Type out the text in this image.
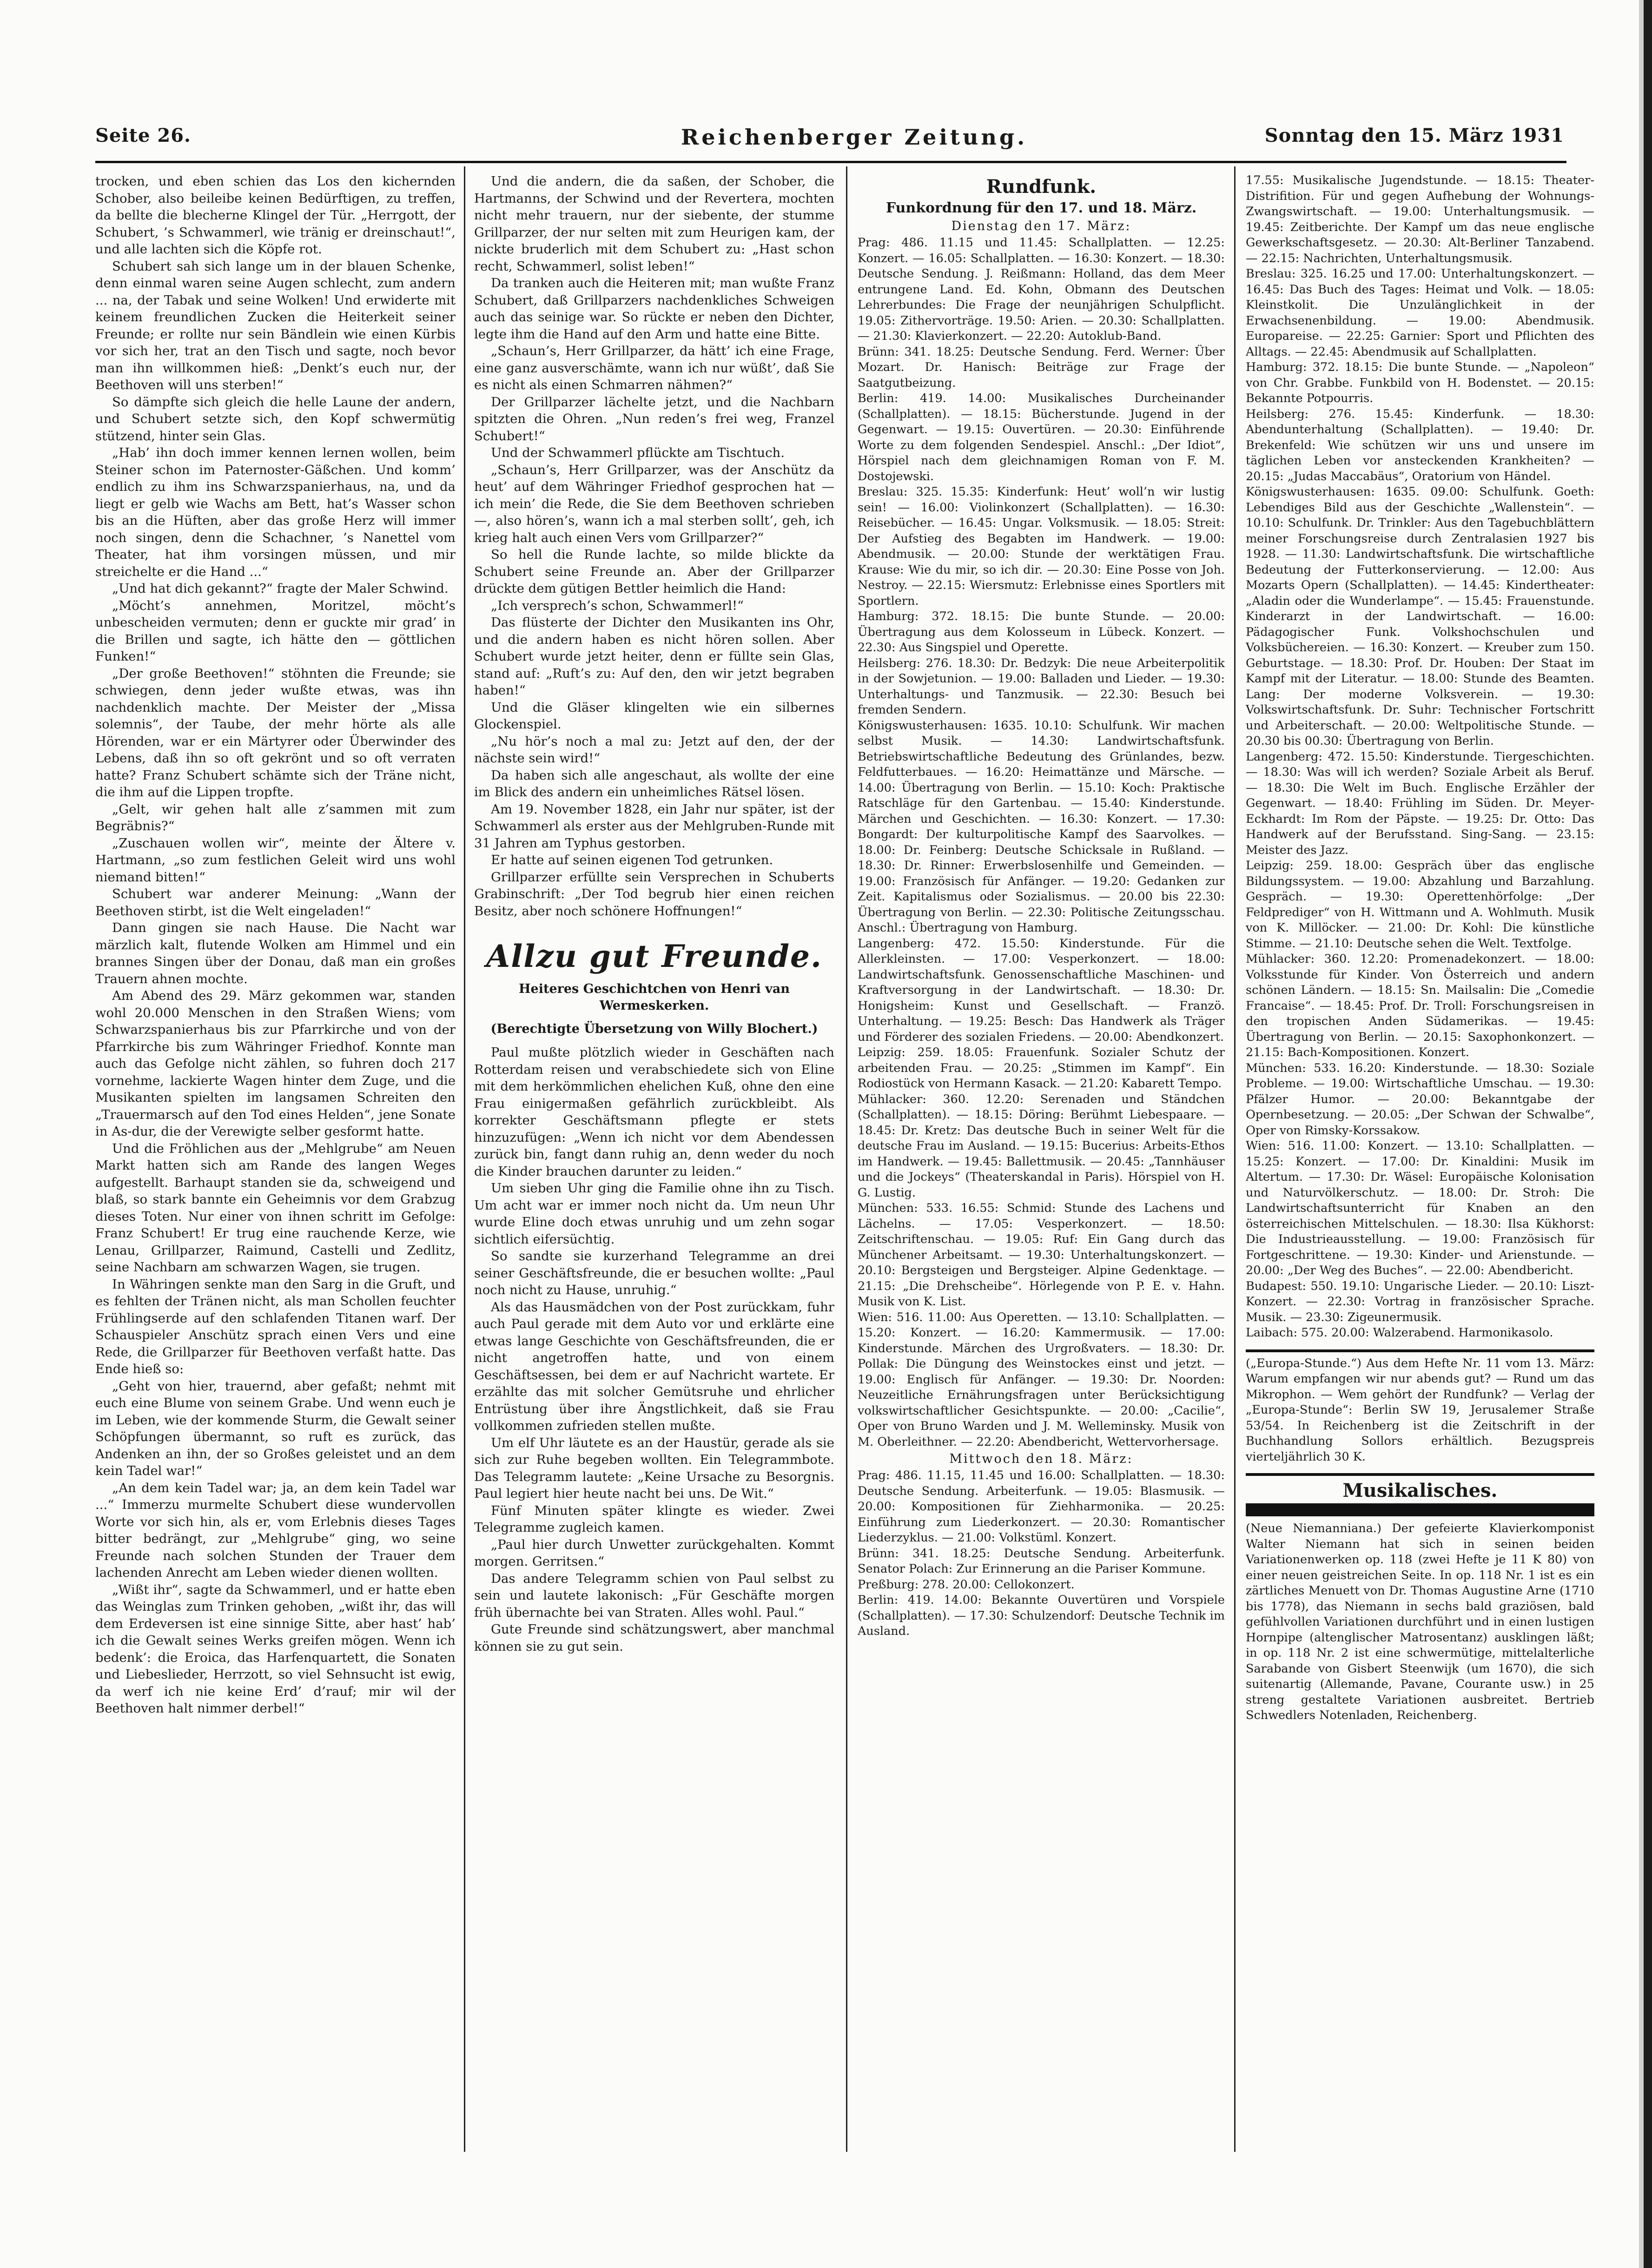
Seite 26.	Reichenberger Zeitung.	Sonntag den 15. März 1931

trocken, und eben schien das Los den kichernden Schober, also beileibe keinen Bedürftigen, zu treffen, da bellte die blecherne Klingel der Tür. „Herrgott, der Schubert, ’s Schwammerl, wie tränig er dreinschaut!“, und alle lachten sich die Köpfe rot.

Schubert sah sich lange um in der blauen Schenke, denn einmal waren seine Augen schlecht, zum andern ... na, der Tabak und seine Wolken! Und erwiderte mit keinem freundlichen Zucken die Heiterkeit seiner Freunde; er rollte nur sein Bändlein wie einen Kürbis vor sich her, trat an den Tisch und sagte, noch bevor man ihn willkommen hieß: „Denkt’s euch nur, der Beethoven will uns sterben!“

So dämpfte sich gleich die helle Laune der andern, und Schubert setzte sich, den Kopf schwermütig stützend, hinter sein Glas.

„Hab’ ihn doch immer kennen lernen wollen, beim Steiner schon im Paternoster-Gäßchen. Und komm’ endlich zu ihm ins Schwarzspanierhaus, na, und da liegt er gelb wie Wachs am Bett, hat’s Wasser schon bis an die Hüften, aber das große Herz will immer noch singen, denn die Schachner, ’s Nanettel vom Theater, hat ihm vorsingen müssen, und mir streichelte er die Hand ...“

„Und hat dich gekannt?“ fragte der Maler Schwind.

„Möcht’s annehmen, Moritzel, möcht’s unbescheiden vermuten; denn er guckte mir grad’ in die Brillen und sagte, ich hätte den — göttlichen Funken!“

„Der große Beethoven!“ stöhnten die Freunde; sie schwiegen, denn jeder wußte etwas, was ihn nachdenklich machte. Der Meister der „Missa solemnis“, der Taube, der mehr hörte als alle Hörenden, war er ein Märtyrer oder Überwinder des Lebens, daß ihn so oft gekrönt und so oft verraten hatte? Franz Schubert schämte sich der Träne nicht, die ihm auf die Lippen tropfte.

„Gelt, wir gehen halt alle z’sammen mit zum Begräbnis?“

„Zuschauen wollen wir“, meinte der Ältere v. Hartmann, „so zum festlichen Geleit wird uns wohl niemand bitten!“

Schubert war anderer Meinung: „Wann der Beethoven stirbt, ist die Welt eingeladen!“

Dann gingen sie nach Hause. Die Nacht war märzlich kalt, flutende Wolken am Himmel und ein brannes Singen über der Donau, daß man ein großes Trauern ahnen mochte.

Am Abend des 29. März gekommen war, standen wohl 20.000 Menschen in den Straßen Wiens; vom Schwarzspanierhaus bis zur Pfarrkirche und von der Pfarrkirche bis zum Währinger Friedhof. Konnte man auch das Gefolge nicht zählen, so fuhren doch 217 vornehme, lackierte Wagen hinter dem Zuge, und die Musikanten spielten im langsamen Schreiten den „Trauermarsch auf den Tod eines Helden“, jene Sonate in As-dur, die der Verewigte selber gesformt hatte.

Und die Fröhlichen aus der „Mehlgrube“ am Neuen Markt hatten sich am Rande des langen Weges aufgestellt. Barhaupt standen sie da, schweigend und blaß, so stark bannte ein Geheimnis vor dem Grabzug dieses Toten. Nur einer von ihnen schritt im Gefolge: Franz Schubert! Er trug eine rauchende Kerze, wie Lenau, Grillparzer, Raimund, Castelli und Zedlitz, seine Nachbarn am schwarzen Wagen, sie trugen.

In Währingen senkte man den Sarg in die Gruft, und es fehlten der Tränen nicht, als man Schollen feuchter Frühlingserde auf den schlafenden Titanen warf. Der Schauspieler Anschütz sprach einen Vers und eine Rede, die Grillparzer für Beethoven verfaßt hatte. Das Ende hieß so:

„Geht von hier, trauernd, aber gefaßt; nehmt mit euch eine Blume von seinem Grabe. Und wenn euch je im Leben, wie der kommende Sturm, die Gewalt seiner Schöpfungen übermannt, so ruft es zurück, das Andenken an ihn, der so Großes geleistet und an dem kein Tadel war!“

„An dem kein Tadel war; ja, an dem kein Tadel war ...“ Immerzu murmelte Schubert diese wundervollen Worte vor sich hin, als er, vom Erlebnis dieses Tages bitter bedrängt, zur „Mehlgrube“ ging, wo seine Freunde nach solchen Stunden der Trauer dem lachenden Anrecht am Leben wieder dienen wollten.

„Wißt ihr“, sagte da Schwammerl, und er hatte eben das Weinglas zum Trinken gehoben, „wißt ihr, das will dem Erdeversen ist eine sinnige Sitte, aber hast’ hab’ ich die Gewalt seines Werks greifen mögen. Wenn ich bedenk’: die Eroica, das Harfenquartett, die Sonaten und Liebeslieder, Herrzott, so viel Sehnsucht ist ewig, da werf ich nie keine Erd’ d’rauf; mir wil der Beethoven halt nimmer derbel!“

Und die andern, die da saßen, der Schober, die Hartmanns, der Schwind und der Revertera, mochten nicht mehr trauern, nur der siebente, der stumme Grillparzer, der nur selten mit zum Heurigen kam, der nickte bruderlich mit dem Schubert zu: „Hast schon recht, Schwammerl, solist leben!“

Da tranken auch die Heiteren mit; man wußte Franz Schubert, daß Grillparzers nachdenkliches Schweigen auch das seinige war. So rückte er neben den Dichter, legte ihm die Hand auf den Arm und hatte eine Bitte.

„Schaun’s, Herr Grillparzer, da hätt’ ich eine Frage, eine ganz ausverschämte, wann ich nur wüßt’, daß Sie es nicht als einen Schmarren nähmen?“

Der Grillparzer lächelte jetzt, und die Nachbarn spitzten die Ohren. „Nun reden’s frei weg, Franzel Schubert!“

Und der Schwammerl pflückte am Tischtuch.

„Schaun’s, Herr Grillparzer, was der Anschütz da heut’ auf dem Währinger Friedhof gesprochen hat — ich mein’ die Rede, die Sie dem Beethoven schrieben —, also hören’s, wann ich a mal sterben sollt’, geh, ich krieg halt auch einen Vers vom Grillparzer?“

So hell die Runde lachte, so milde blickte da Schubert seine Freunde an. Aber der Grillparzer drückte dem gütigen Bettler heimlich die Hand:

„Ich versprech’s schon, Schwammerl!“

Das flüsterte der Dichter den Musikanten ins Ohr, und die andern haben es nicht hören sollen. Aber Schubert wurde jetzt heiter, denn er füllte sein Glas, stand auf: „Ruft’s zu: Auf den, den wir jetzt begraben haben!“

Und die Gläser klingelten wie ein silbernes Glockenspiel.

„Nu hör’s noch a mal zu: Jetzt auf den, der der nächste sein wird!“

Da haben sich alle angeschaut, als wollte der eine im Blick des andern ein unheimliches Rätsel lösen.

Am 19. November 1828, ein Jahr nur später, ist der Schwammerl als erster aus der Mehlgruben-Runde mit 31 Jahren am Typhus gestorben.

Er hatte auf seinen eigenen Tod getrunken.

Grillparzer erfüllte sein Versprechen in Schuberts Grabinschrift: „Der Tod begrub hier einen reichen Besitz, aber noch schönere Hoffnungen!“

Allzu gut Freunde.
Heiteres Geschichtchen von Henri van Wermeskerken.
(Berechtigte Übersetzung von Willy Blochert.)

Paul mußte plötzlich wieder in Geschäften nach Rotterdam reisen und verabschiedete sich von Eline mit dem herkömmlichen ehelichen Kuß, ohne den eine Frau einigermaßen gefährlich zurückbleibt. Als korrekter Geschäftsmann pflegte er stets hinzuzufügen: „Wenn ich nicht vor dem Abendessen zurück bin, fangt dann ruhig an, denn weder du noch die Kinder brauchen darunter zu leiden.“

Um sieben Uhr ging die Familie ohne ihn zu Tisch. Um acht war er immer noch nicht da. Um neun Uhr wurde Eline doch etwas unruhig und um zehn sogar sichtlich eifersüchtig.

So sandte sie kurzerhand Telegramme an drei seiner Geschäftsfreunde, die er besuchen wollte: „Paul noch nicht zu Hause, unruhig.“

Als das Hausmädchen von der Post zurückkam, fuhr auch Paul gerade mit dem Auto vor und erklärte eine etwas lange Geschichte von Geschäftsfreunden, die er nicht angetroffen hatte, und von einem Geschäftsessen, bei dem er auf Nachricht wartete. Er erzählte das mit solcher Gemütsruhe und ehrlicher Entrüstung über ihre Ängstlichkeit, daß sie Frau vollkommen zufrieden stellen mußte.

Um elf Uhr läutete es an der Haustür, gerade als sie sich zur Ruhe begeben wollten. Ein Telegrammbote. Das Telegramm lautete: „Keine Ursache zu Besorgnis. Paul legiert hier heute nacht bei uns. De Wit.“

Fünf Minuten später klingte es wieder. Zwei Telegramme zugleich kamen.

„Paul hier durch Unwetter zurückgehalten. Kommt morgen. Gerritsen.“

Das andere Telegramm schien von Paul selbst zu sein und lautete lakonisch: „Für Geschäfte morgen früh übernachte bei van Straten. Alles wohl. Paul.“

Gute Freunde sind schätzungswert, aber manchmal können sie zu gut sein.

Rundfunk.
Funkordnung für den 17. und 18. März.
Dienstag den 17. März:

Prag: 486. 11.15 und 11.45: Schallplatten. — 12.25: Konzert. — 16.05: Schallplatten. — 16.30: Konzert. — 18.30: Deutsche Sendung. J. Reißmann: Holland, das dem Meer entrungene Land. Ed. Kohn, Obmann des Deutschen Lehrerbundes: Die Frage der neunjährigen Schulpflicht. 19.05: Zithervorträge. 19.50: Arien. — 20.30: Schallplatten. — 21.30: Klavierkonzert. — 22.20: Autoklub-Band.

Brünn: 341. 18.25: Deutsche Sendung. Ferd. Werner: Über Mozart. Dr. Hanisch: Beiträge zur Frage der Saatgutbeizung.

Berlin: 419. 14.00: Musikalisches Durcheinander (Schallplatten). — 18.15: Bücherstunde. Jugend in der Gegenwart. — 19.15: Ouvertüren. — 20.30: Einführende Worte zu dem folgenden Sendespiel. Anschl.: „Der Idiot“, Hörspiel nach dem gleichnamigen Roman von F. M. Dostojewski.

Breslau: 325. 15.35: Kinderfunk: Heut’ woll’n wir lustig sein! — 16.00: Violinkonzert (Schallplatten). — 16.30: Reisebücher. — 16.45: Ungar. Volksmusik. — 18.05: Streit: Der Aufstieg des Begabten im Handwerk. — 19.00: Abendmusik. — 20.00: Stunde der werktätigen Frau. Krause: Wie du mir, so ich dir. — 20.30: Eine Posse von Joh. Nestroy. — 22.15: Wiersmutz: Erlebnisse eines Sportlers mit Sportlern.

Hamburg: 372. 18.15: Die bunte Stunde. — 20.00: Übertragung aus dem Kolosseum in Lübeck. Konzert. — 22.30: Aus Singspiel und Operette.

Heilsberg: 276. 18.30: Dr. Bedzyk: Die neue Arbeiterpolitik in der Sowjetunion. — 19.00: Balladen und Lieder. — 19.30: Unterhaltungs- und Tanzmusik. — 22.30: Besuch bei fremden Sendern.

Königswusterhausen: 1635. 10.10: Schulfunk. Wir machen selbst Musik. — 14.30: Landwirtschaftsfunk. Betriebswirtschaftliche Bedeutung des Grünlandes, bezw. Feldfutterbaues. — 16.20: Heimattänze und Märsche. — 14.00: Übertragung von Berlin. — 15.10: Koch: Praktische Ratschläge für den Gartenbau. — 15.40: Kinderstunde. Märchen und Geschichten. — 16.30: Konzert. — 17.30: Bongardt: Der kulturpolitische Kampf des Saarvolkes. — 18.00: Dr. Feinberg: Deutsche Schicksale in Rußland. — 18.30: Dr. Rinner: Erwerbslosenhilfe und Gemeinden. — 19.00: Französisch für Anfänger. — 19.20: Gedanken zur Zeit. Kapitalismus oder Sozialismus. — 20.00 bis 22.30: Übertragung von Berlin. — 22.30: Politische Zeitungsschau. Anschl.: Übertragung von Hamburg.

Langenberg: 472. 15.50: Kinderstunde. Für die Allerkleinsten. — 17.00: Vesperkonzert. — 18.00: Landwirtschaftsfunk. Genossenschaftliche Maschinen- und Kraftversorgung in der Landwirtschaft. — 18.30: Dr. Honigsheim: Kunst und Gesellschaft. — Franzö. Unterhaltung. — 19.25: Besch: Das Handwerk als Träger und Förderer des sozialen Friedens. — 20.00: Abendkonzert.

Leipzig: 259. 18.05: Frauenfunk. Sozialer Schutz der arbeitenden Frau. — 20.25: „Stimmen im Kampf“. Ein Rodiostück von Hermann Kasack. — 21.20: Kabarett Tempo.

Mühlacker: 360. 12.20: Serenaden und Ständchen (Schallplatten). — 18.15: Döring: Berühmt Liebespaare. — 18.45: Dr. Kretz: Das deutsche Buch in seiner Welt für die deutsche Frau im Ausland. — 19.15: Bucerius: Arbeits-Ethos im Handwerk. — 19.45: Ballettmusik. — 20.45: „Tannhäuser und die Jockeys“ (Theaterskandal in Paris). Hörspiel von H. G. Lustig.

München: 533. 16.55: Schmid: Stunde des Lachens und Lächelns. — 17.05: Vesperkonzert. — 18.50: Zeitschriftenschau. — 19.05: Ruf: Ein Gang durch das Münchener Arbeitsamt. — 19.30: Unterhaltungskonzert. — 20.10: Bergsteigen und Bergsteiger. Alpine Gedenktage. — 21.15: „Die Drehscheibe“. Hörlegende von P. E. v. Hahn. Musik von K. List.

Wien: 516. 11.00: Aus Operetten. — 13.10: Schallplatten. — 15.20: Konzert. — 16.20: Kammermusik. — 17.00: Kinderstunde. Märchen des Urgroßvaters. — 18.30: Dr. Pollak: Die Düngung des Weinstockes einst und jetzt. — 19.00: Englisch für Anfänger. — 19.30: Dr. Noorden: Neuzeitliche Ernährungsfragen unter Berücksichtigung volkswirtschaftlicher Gesichtspunkte. — 20.00: „Cacilie“, Oper von Bruno Warden und J. M. Welleminsky. Musik von M. Oberleithner. — 22.20: Abendbericht, Wettervorhersage.

Mittwoch den 18. März:

Prag: 486. 11.15, 11.45 und 16.00: Schallplatten. — 18.30: Deutsche Sendung. Arbeiterfunk. — 19.05: Blasmusik. — 20.00: Kompositionen für Ziehharmonika. — 20.25: Einführung zum Liederkonzert. — 20.30: Romantischer Liederzyklus. — 21.00: Volkstüml. Konzert.

Brünn: 341. 18.25: Deutsche Sendung. Arbeiterfunk. Senator Polach: Zur Erinnerung an die Pariser Kommune.

Preßburg: 278. 20.00: Cellokonzert.

Berlin: 419. 14.00: Bekannte Ouvertüren und Vorspiele (Schallplatten). — 17.30: Schulzendorf: Deutsche Technik im Ausland.

17.55: Musikalische Jugendstunde. — 18.15: Theater-Distrifition. Für und gegen Aufhebung der Wohnungs-Zwangswirtschaft. — 19.00: Unterhaltungsmusik. — 19.45: Zeitberichte. Der Kampf um das neue englische Gewerkschaftsgesetz. — 20.30: Alt-Berliner Tanzabend. — 22.15: Nachrichten, Unterhaltungsmusik.

Breslau: 325. 16.25 und 17.00: Unterhaltungskonzert. — 16.45: Das Buch des Tages: Heimat und Volk. — 18.05: Kleinstkolit. Die Unzulänglichkeit in der Erwachsenenbildung. — 19.00: Abendmusik. Europareise. — 22.25: Garnier: Sport und Pflichten des Alltags. — 22.45: Abendmusik auf Schallplatten.

Hamburg: 372. 18.15: Die bunte Stunde. — „Napoleon“ von Chr. Grabbe. Funkbild von H. Bodenstet. — 20.15: Bekannte Potpourris.

Heilsberg: 276. 15.45: Kinderfunk. — 18.30: Abendunterhaltung (Schallplatten). — 19.40: Dr. Brekenfeld: Wie schützen wir uns und unsere im täglichen Leben vor ansteckenden Krankheiten? — 20.15: „Judas Maccabäus“, Oratorium von Händel.

Königswusterhausen: 1635. 09.00: Schulfunk. Goeth: Lebendiges Bild aus der Geschichte „Wallenstein“. — 10.10: Schulfunk. Dr. Trinkler: Aus den Tagebuchblättern meiner Forschungsreise durch Zentralasien 1927 bis 1928. — 11.30: Landwirtschaftsfunk. Die wirtschaftliche Bedeutung der Futterkonservierung. — 12.00: Aus Mozarts Opern (Schallplatten). — 14.45: Kindertheater: „Aladin oder die Wunderlampe“. — 15.45: Frauenstunde. Kinderarzt in der Landwirtschaft. — 16.00: Pädagogischer Funk. Volkshochschulen und Volksbüchereien. — 16.30: Konzert. — Kreuber zum 150. Geburtstage. — 18.30: Prof. Dr. Houben: Der Staat im Kampf mit der Literatur. — 18.00: Stunde des Beamten. Lang: Der moderne Volksverein. — 19.30: Volkswirtschaftsfunk. Dr. Suhr: Technischer Fortschritt und Arbeiterschaft. — 20.00: Weltpolitische Stunde. — 20.30 bis 00.30: Übertragung von Berlin.

Langenberg: 472. 15.50: Kinderstunde. Tiergeschichten. — 18.30: Was will ich werden? Soziale Arbeit als Beruf. — 18.30: Die Welt im Buch. Englische Erzähler der Gegenwart. — 18.40: Frühling im Süden. Dr. Meyer-Eckhardt: Im Rom der Päpste. — 19.25: Dr. Otto: Das Handwerk auf der Berufsstand. Sing-Sang. — 23.15: Meister des Jazz.

Leipzig: 259. 18.00: Gespräch über das englische Bildungssystem. — 19.00: Abzahlung und Barzahlung. Gespräch. — 19.30: Operettenhörfolge: „Der Feldprediger“ von H. Wittmann und A. Wohlmuth. Musik von K. Millöcker. — 21.00: Dr. Kohl: Die künstliche Stimme. — 21.10: Deutsche sehen die Welt. Textfolge.

Mühlacker: 360. 12.20: Promenadekonzert. — 18.00: Volksstunde für Kinder. Von Österreich und andern schönen Ländern. — 18.15: Sn. Mailsalin: Die „Comedie Francaise“. — 18.45: Prof. Dr. Troll: Forschungsreisen in den tropischen Anden Südamerikas. — 19.45: Übertragung von Berlin. — 20.15: Saxophonkonzert. — 21.15: Bach-Kompositionen. Konzert.

München: 533. 16.20: Kinderstunde. — 18.30: Soziale Probleme. — 19.00: Wirtschaftliche Umschau. — 19.30: Pfälzer Humor. — 20.00: Bekanntgabe der Opernbesetzung. — 20.05: „Der Schwan der Schwalbe“, Oper von Rimsky-Korssakow.

Wien: 516. 11.00: Konzert. — 13.10: Schallplatten. — 15.25: Konzert. — 17.00: Dr. Kinaldini: Musik im Altertum. — 17.30: Dr. Wäsel: Europäische Kolonisation und Naturvölkerschutz. — 18.00: Dr. Stroh: Die Landwirtschaftsunterricht für Knaben an den österreichischen Mittelschulen. — 18.30: Ilsa Kükhorst: Die Industrieausstellung. — 19.00: Französisch für Fortgeschrittene. — 19.30: Kinder- und Arienstunde. — 20.00: „Der Weg des Buches“. — 22.00: Abendbericht.

Budapest: 550. 19.10: Ungarische Lieder. — 20.10: Liszt-Konzert. — 22.30: Vortrag in französischer Sprache. Musik. — 23.30: Zigeunermusik.

Laibach: 575. 20.00: Walzerabend. Harmonikasolo.

(„Europa-Stunde.“) Aus dem Hefte Nr. 11 vom 13. März: Warum empfangen wir nur abends gut? — Rund um das Mikrophon. — Wem gehört der Rundfunk? — Verlag der „Europa-Stunde“: Berlin SW 19, Jerusalemer Straße 53/54. In Reichenberg ist die Zeitschrift in der Buchhandlung Sollors erhältlich. Bezugspreis vierteljährlich 30 K.

Musikalisches.

(Neue Niemanniana.) Der gefeierte Klavierkomponist Walter Niemann hat sich in seinen beiden Variationenwerken op. 118 (zwei Hefte je 11 K 80) von einer neuen geistreichen Seite. In op. 118 Nr. 1 ist es ein zärtliches Menuett von Dr. Thomas Augustine Arne (1710 bis 1778), das Niemann in sechs bald graziösen, bald gefühlvollen Variationen durchführt und in einen lustigen Hornpipe (altenglischer Matrosentanz) ausklingen läßt; in op. 118 Nr. 2 ist eine schwermütige, mittelalterliche Sarabande von Gisbert Steenwijk (um 1670), die sich suitenartig (Allemande, Pavane, Courante usw.) in 25 streng gestaltete Variationen ausbreitet. Bertrieb Schwedlers Notenladen, Reichenberg.
